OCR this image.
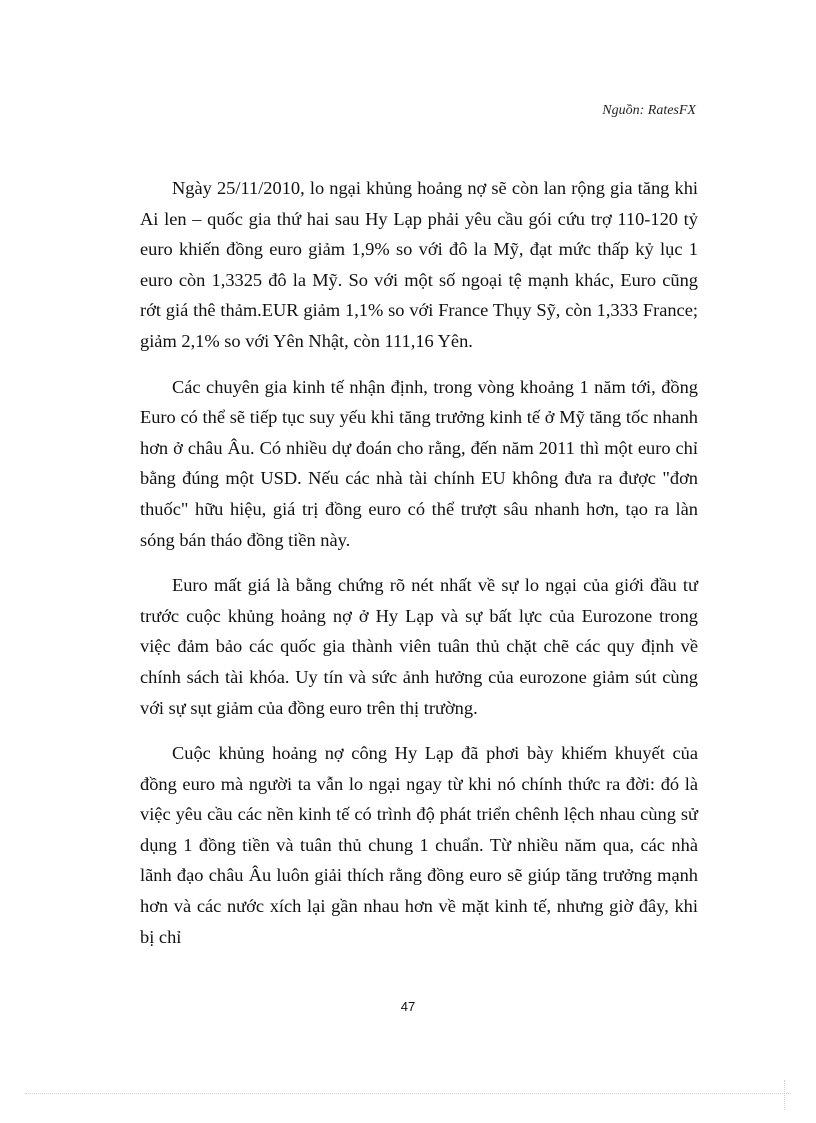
Nguồn: RatesFX

Ngày 25/11/2010, lo ngại khủng hoảng nợ sẽ còn lan rộng gia tăng khi Ai len – quốc gia thứ hai sau Hy Lạp phải yêu cầu gói cứu trợ 110-120 tỷ euro khiến đồng euro giảm 1,9% so với đô la Mỹ, đạt mức thấp kỷ lục 1 euro còn 1,3325 đô la Mỹ. So với một số ngoại tệ mạnh khác, Euro cũng rớt giá thê thảm.EUR giảm 1,1% so với France Thụy Sỹ, còn 1,333 France; giảm 2,1% so với Yên Nhật, còn 111,16 Yên.

Các chuyên gia kinh tế nhận định, trong vòng khoảng 1 năm tới, đồng Euro có thể sẽ tiếp tục suy yếu khi tăng trưởng kinh tế ở Mỹ tăng tốc nhanh hơn ở châu Âu. Có nhiều dự đoán cho rằng, đến năm 2011 thì một euro chỉ bằng đúng một USD. Nếu các nhà tài chính EU không đưa ra được "đơn thuốc" hữu hiệu, giá trị đồng euro có thể trượt sâu nhanh hơn, tạo ra làn sóng bán tháo đồng tiền này.

Euro mất giá là bằng chứng rõ nét nhất về sự lo ngại của giới đầu tư trước cuộc khủng hoảng nợ ở Hy Lạp và sự bất lực của Eurozone trong việc đảm bảo các quốc gia thành viên tuân thủ chặt chẽ các quy định về chính sách tài khóa. Uy tín và sức ảnh hưởng của eurozone giảm sút cùng với sự sụt giảm của đồng euro trên thị trường.

Cuộc khủng hoảng nợ công Hy Lạp đã phơi bày khiếm khuyết của đồng euro mà người ta vẫn lo ngại ngay từ khi nó chính thức ra đời: đó là việc yêu cầu các nền kinh tế có trình độ phát triển chênh lệch nhau cùng sử dụng 1 đồng tiền và tuân thủ chung 1 chuẩn. Từ nhiều năm qua, các nhà lãnh đạo châu Âu luôn giải thích rằng đồng euro sẽ giúp tăng trưởng mạnh hơn và các nước xích lại gần nhau hơn về mặt kinh tế, nhưng giờ đây, khi bị chỉ

47
